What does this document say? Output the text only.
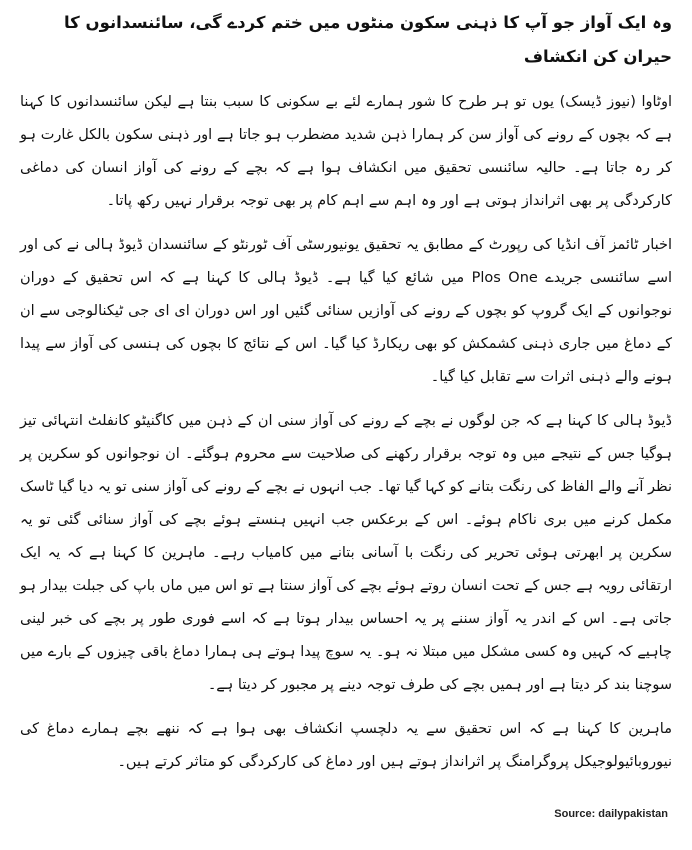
وہ ایک آواز جو آپ کا ذہنی سکون منٹوں میں ختم کردے گی، سائنسدانوں کا حیران کن انکشاف

اوٹاوا (نیوز ڈیسک) یوں تو ہر طرح کا شور ہمارے لئے بے سکونی کا سبب بنتا ہے لیکن سائنسدانوں کا کہنا ہے کہ بچوں کے رونے کی آواز سن کر ہمارا ذہن شدید مضطرب ہو جاتا ہے اور ذہنی سکون بالکل غارت ہو کر رہ جاتا ہے۔ حالیہ سائنسی تحقیق میں انکشاف ہوا ہے کہ بچے کے رونے کی آواز انسان کی دماغی کارکردگی پر بھی اثرانداز ہوتی ہے اور وہ اہم سے اہم کام پر بھی توجہ برقرار نہیں رکھ پاتا۔

اخبار ٹائمز آف انڈیا کی رپورٹ کے مطابق یہ تحقیق یونیورسٹی آف ٹورنٹو کے سائنسدان ڈیوڈ ہالی نے کی اور اسے سائنسی جریدے Plos One میں شائع کیا گیا ہے۔ ڈیوڈ ہالی کا کہنا ہے کہ اس تحقیق کے دوران نوجوانوں کے ایک گروپ کو بچوں کے رونے کی آوازیں سنائی گئیں اور اس دوران ای ای جی ٹیکنالوجی سے ان کے دماغ میں جاری ذہنی کشمکش کو بھی ریکارڈ کیا گیا۔ اس کے نتائج کا بچوں کی ہنسی کی آواز سے پیدا ہونے والے ذہنی اثرات سے تقابل کیا گیا۔

ڈیوڈ ہالی کا کہنا ہے کہ جن لوگوں نے بچے کے رونے کی آواز سنی ان کے ذہن میں کاگنیٹو کانفلٹ انتہائی تیز ہوگیا جس کے نتیجے میں وہ توجہ برقرار رکھنے کی صلاحیت سے محروم ہوگئے۔ ان نوجوانوں کو سکرین پر نظر آنے والے الفاظ کی رنگت بتانے کو کہا گیا تھا۔ جب انہوں نے بچے کے رونے کی آواز سنی تو یہ دیا گیا ٹاسک مکمل کرنے میں بری ناکام ہوئے۔ اس کے برعکس جب انہیں ہنستے ہوئے بچے کی آواز سنائی گئی تو یہ سکرین پر ابھرتی ہوئی تحریر کی رنگت با آسانی بتانے میں کامیاب رہے۔ ماہرین کا کہنا ہے کہ یہ ایک ارتقائی رویہ ہے جس کے تحت انسان روتے ہوئے بچے کی آواز سنتا ہے تو اس میں ماں باپ کی جبلت بیدار ہو جاتی ہے۔ اس کے اندر یہ آواز سننے پر یہ احساس بیدار ہوتا ہے کہ اسے فوری طور پر بچے کی خبر لینی چاہیے کہ کہیں وہ کسی مشکل میں مبتلا نہ ہو۔ یہ سوچ پیدا ہوتے ہی ہمارا دماغ باقی چیزوں کے بارے میں سوچنا بند کر دیتا ہے اور ہمیں بچے کی طرف توجہ دینے پر مجبور کر دیتا ہے۔

ماہرین کا کہنا ہے کہ اس تحقیق سے یہ دلچسپ انکشاف بھی ہوا ہے کہ ننھے بچے ہمارے دماغ کی نیوروبائیولوجیکل پروگرامنگ پر اثرانداز ہوتے ہیں اور دماغ کی کارکردگی کو متاثر کرتے ہیں۔

Source: dailypakistan
